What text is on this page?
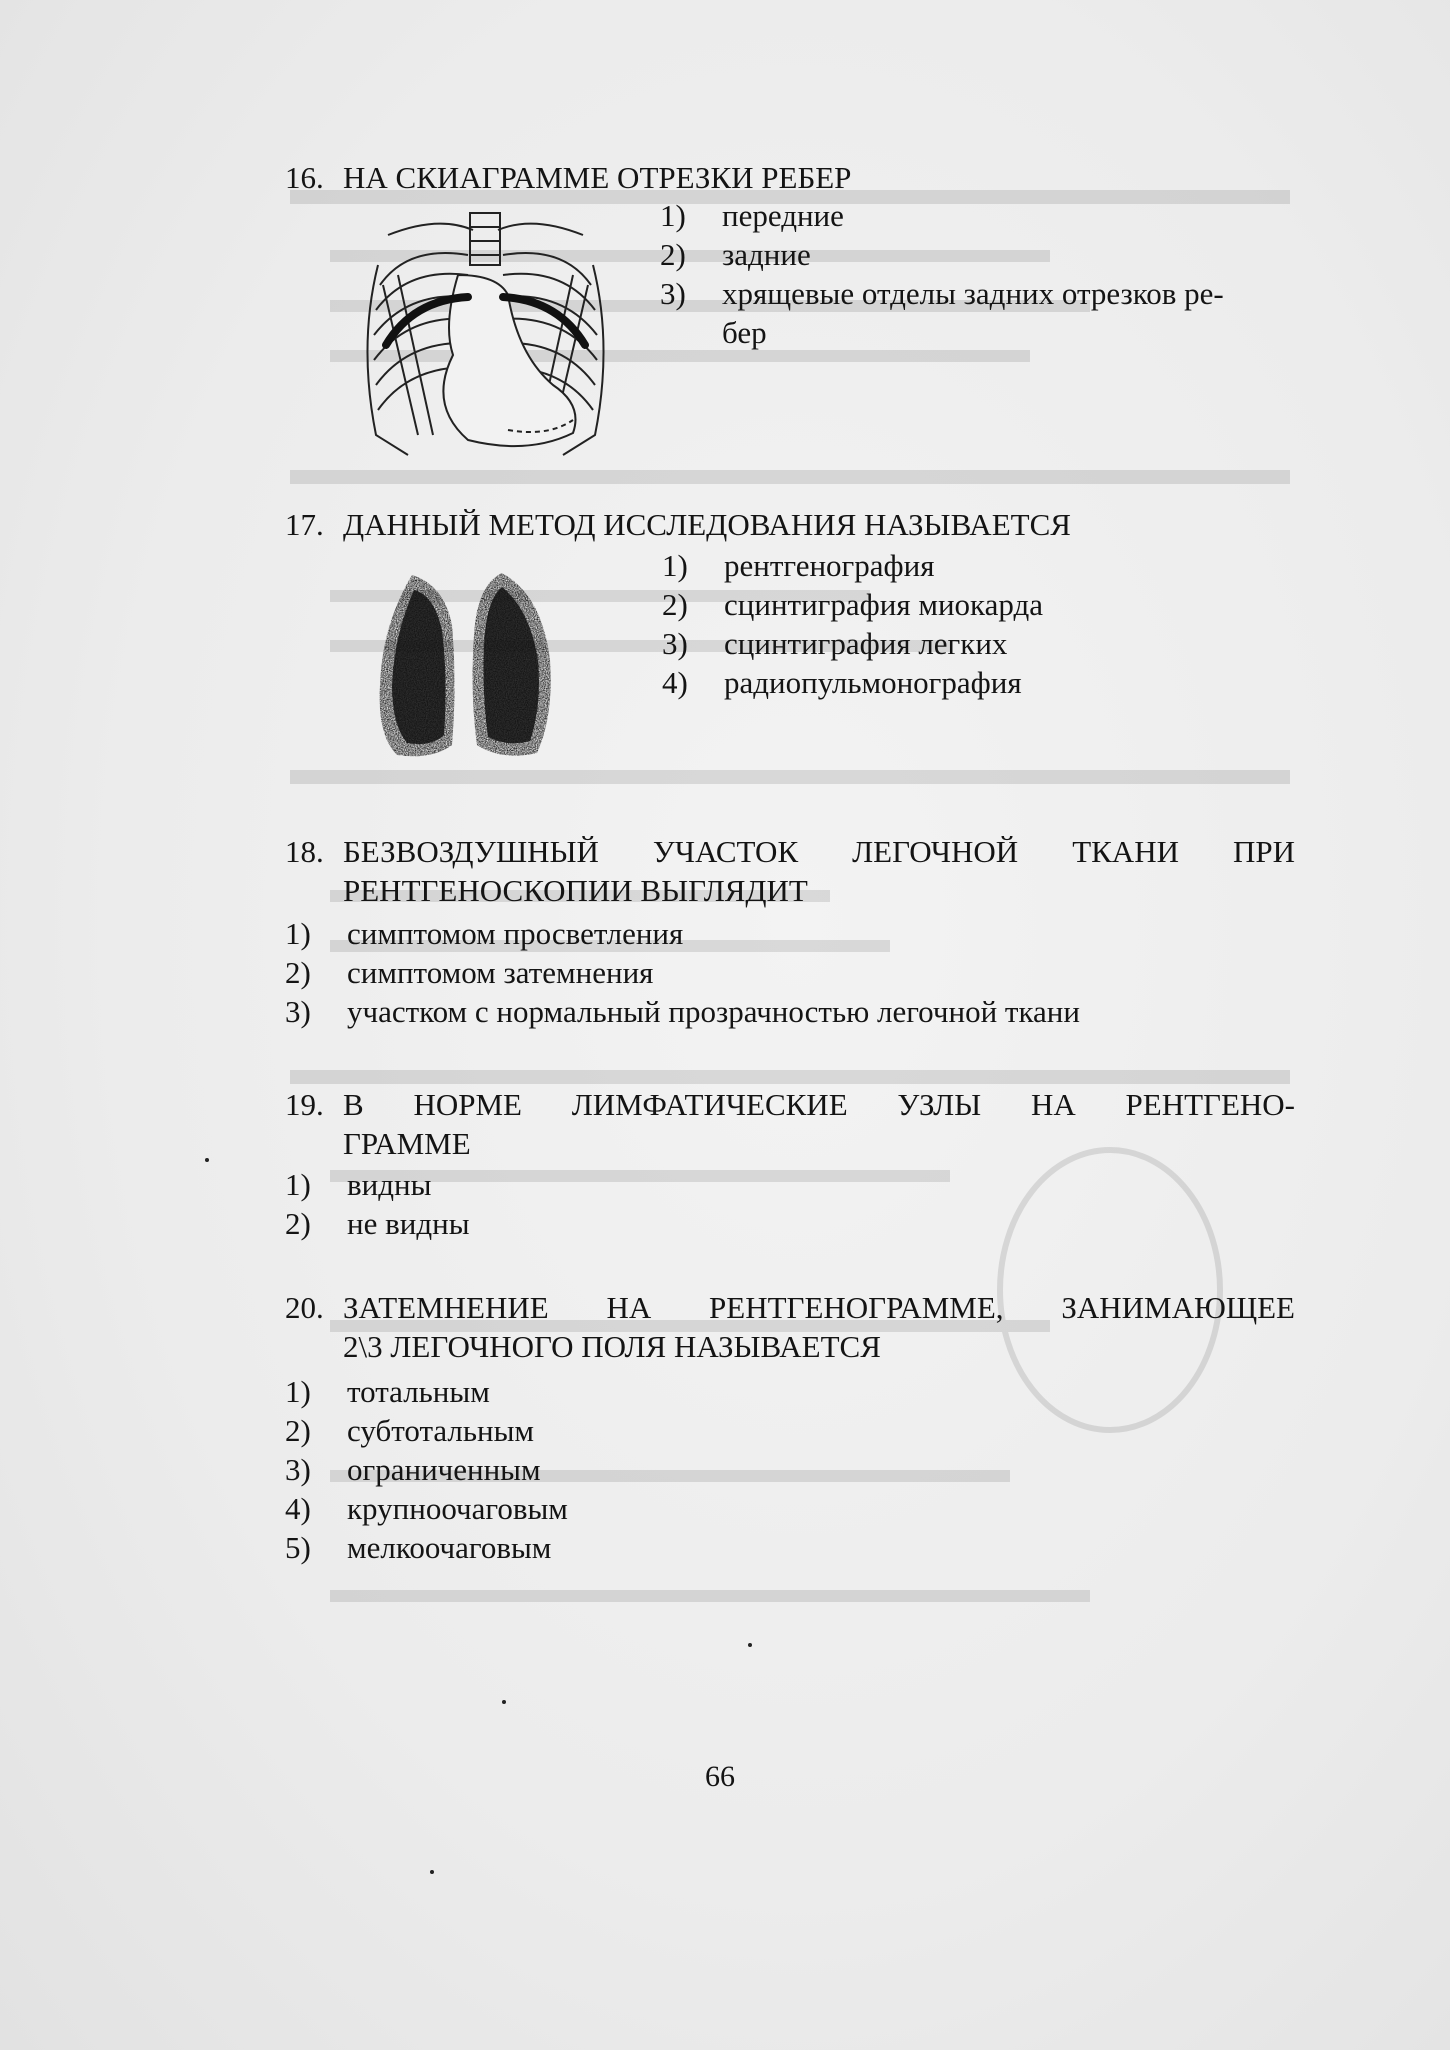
16. НА СКИАГРАММЕ ОТРЕЗКИ РЕБЕР
1)	передние
2)	задние
3)	хрящевые отделы задних отрезков ре-
бер
17. ДАННЫЙ МЕТОД ИССЛЕДОВАНИЯ НАЗЫВАЕТСЯ
1)	рентгенография
2)	сцинтиграфия миокарда
3)	сцинтиграфия легких
4)	радиопульмонография
18. БЕЗВОЗДУШНЫЙ УЧАСТОК ЛЕГОЧНОЙ ТКАНИ ПРИ
РЕНТГЕНОСКОПИИ ВЫГЛЯДИТ
1)	симптомом просветления
2)	симптомом затемнения
3)	участком с нормальный прозрачностью легочной ткани
19. В НОРМЕ ЛИМФАТИЧЕСКИЕ УЗЛЫ НА РЕНТГЕНО-
ГРАММЕ
1)	видны
2)	не видны
20. ЗАТЕМНЕНИЕ НА РЕНТГЕНОГРАММЕ, ЗАНИМАЮЩЕЕ
2\3 ЛЕГОЧНОГО ПОЛЯ НАЗЫВАЕТСЯ
1)	тотальным
2)	субтотальным
3)	ограниченным
4)	крупноочаговым
5)	мелкоочаговым
66
